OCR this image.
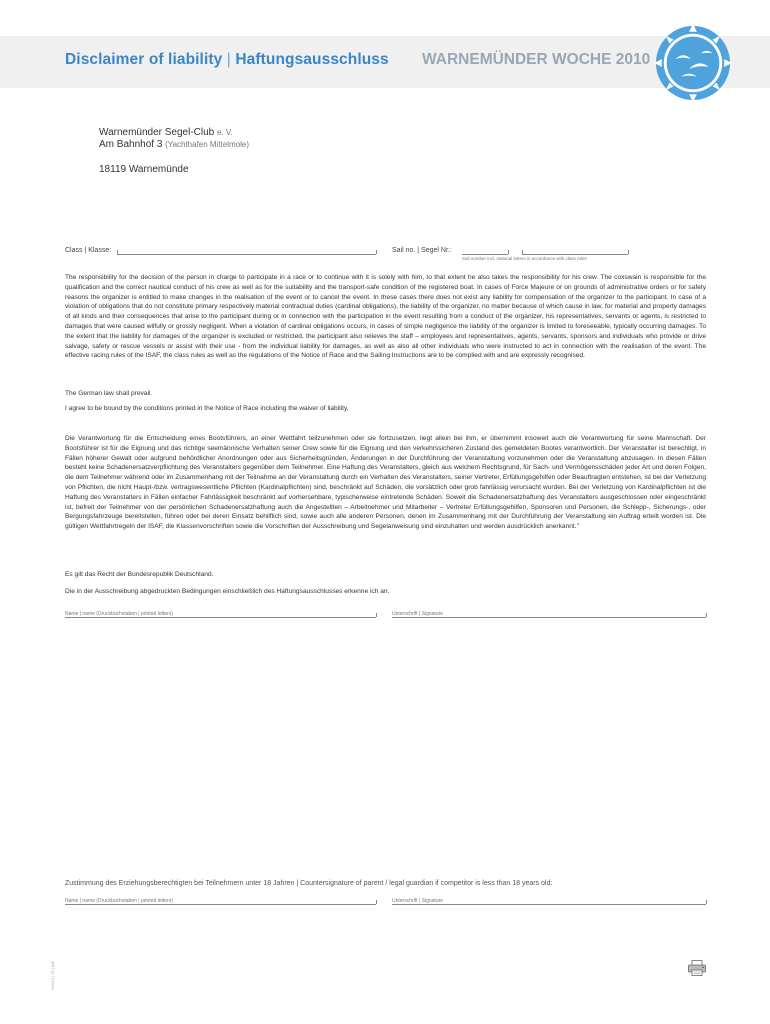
Disclaimer of liability | Haftungsausschluss WARNEMÜNDER WOCHE 2010
Warnemünder Segel-Club e. V.
Am Bahnhof 3 (Yachthafen Mittelmole)
18119 Warnemünde
Class | Klasse:	Sail no. | Segel Nr.:
Sail number incl. national letters in accordance with class rules

The responsibility for the decision of the person in charge to participate in a race or to continue with it is solely with him, to that extent he also takes the responsibility for his crew. The coxswain is responsible for the qualification and the correct nautical conduct of his crew as well as for the suitability and the transport-safe condition of the registered boat. In cases of Force Majeure or on grounds of administrative orders or for safety reasons the organizer is entitled to make changes in the realisation of the event or to cancel the event. In these cases there does not exist any liability for compensation of the organizer to the participant. In case of a violation of obligations that do not constitute primary respectively material contractual duties (cardinal obligations), the liability of the organizer, no matter because of which cause in law, for material and property damages of all kinds and their consequences that arise to the participant during or in connection with the participation in the event resulting from a conduct of the organizer, his representatives, servants or agents, is restricted to damages that were caused wilfully or grossly negligent. When a violation of cardinal obligations occurs, in cases of simple negligence the liability of the organizer is limited to foreseeable, typically occurring damages. To the extent that the liability for damages of the organizer is excluded or restricted, the participant also relieves the staff – employees and representatives, agents, servants, sponsors and individuals who provide or drive salvage, safety or rescue vessels or assist with their use - from the individual liability for damages, as well as also all other individuals who were instructed to act in connection with the realisation of the event. The effective racing rules of the ISAF, the class rules as well as the regulations of the Notice of Race and the Sailing Instructions are to be complied with and are expressly recognised.

The German law shall prevail.

I agree to be bound by the conditions printed in the Notice of Race including the waiver of liability.

Die Verantwortung für die Entscheidung eines Bootsführers, an einer Wettfahrt teilzunehmen oder sie fortzusetzen, liegt allein bei ihm, er übernimmt insoweit auch die Verantwortung für seine Mannschaft. Der Bootsführer ist für die Eignung und das richtige seemännische Verhalten seiner Crew sowie für die Eignung und den verkehrssicheren Zustand des gemeldeten Bootes verantwortlich. Der Veranstalter ist berechtigt, in Fällen höherer Gewalt oder aufgrund behördlicher Anordnungen oder aus Sicherheitsgründen, Änderungen in der Durchführung der Veranstaltung vorzunehmen oder die Veranstaltung abzusagen. In diesen Fällen besteht keine Schadenersatzverpflichtung des Veranstalters gegenüber dem Teilnehmer. Eine Haftung des Veranstalters, gleich aus welchem Rechtsgrund, für Sach- und Vermögensschäden jeder Art und deren Folgen, die dem Teilnehmer während oder im Zusammenhang mit der Teilnahme an der Veranstaltung durch ein Verhalten des Veranstalters, seiner Vertreter, Erfüllungsgehilfen oder Beauftragten entstehen, ist bei der Verletzung von Pflichten, die nicht Haupt-/bzw. vertragswesentliche Pflichten (Kardinalpflichten) sind, beschränkt auf Schäden, die vorsätzlich oder grob fahrlässig verursacht wurden. Bei der Verletzung von Kardinalpflichten ist die Haftung des Veranstalters in Fällen einfacher Fahrlässigkeit beschränkt auf vorhersehbare, typischerweise eintretende Schäden. Soweit die Schadenersatzhaftung des Veranstalters ausgeschlossen oder eingeschränkt ist, befreit der Teilnehmer von der persönlichen Schadenersatzhaftung auch die Angestellten – Arbeitnehmer und Mitarbeiter – Vertreter Erfüllungsgehilfen, Sponsoren und Personen, die Schlepp-, Sicherungs-, oder Bergungsfahrzeuge bereitstellen, führen oder bei deren Einsatz behilflich sind, sowie auch alle anderen Personen, denen im Zusammenhang mit der Durchführung der Veranstaltung ein Auftrag erteilt worden ist. Die gültigen Wettfahrtregeln der ISAF, die Klassenvorschriften sowie die Vorschriften der Ausschreibung und Segelanweisung sind einzuhalten und werden ausdrücklich anerkannt."

Es gilt das Recht der Bundesrepublik Deutschland.

Die in der Ausschreibung abgedruckten Bedingungen einschließlich des Haftungsausschlusses erkenne ich an.

Name | name (Druckbuchstaben | printed letters)	Unterschrift | Signature
Zustimmung des Erziehungsberechtigten bei Teilnehmern unter 18 Jahren | Countersignature of parent / legal guardian if competitor is less than 18 years old:
Name | name (Druckbuchstaben | printed letters)	Unterschrift | Signature
WW10 | 05 | pdf
